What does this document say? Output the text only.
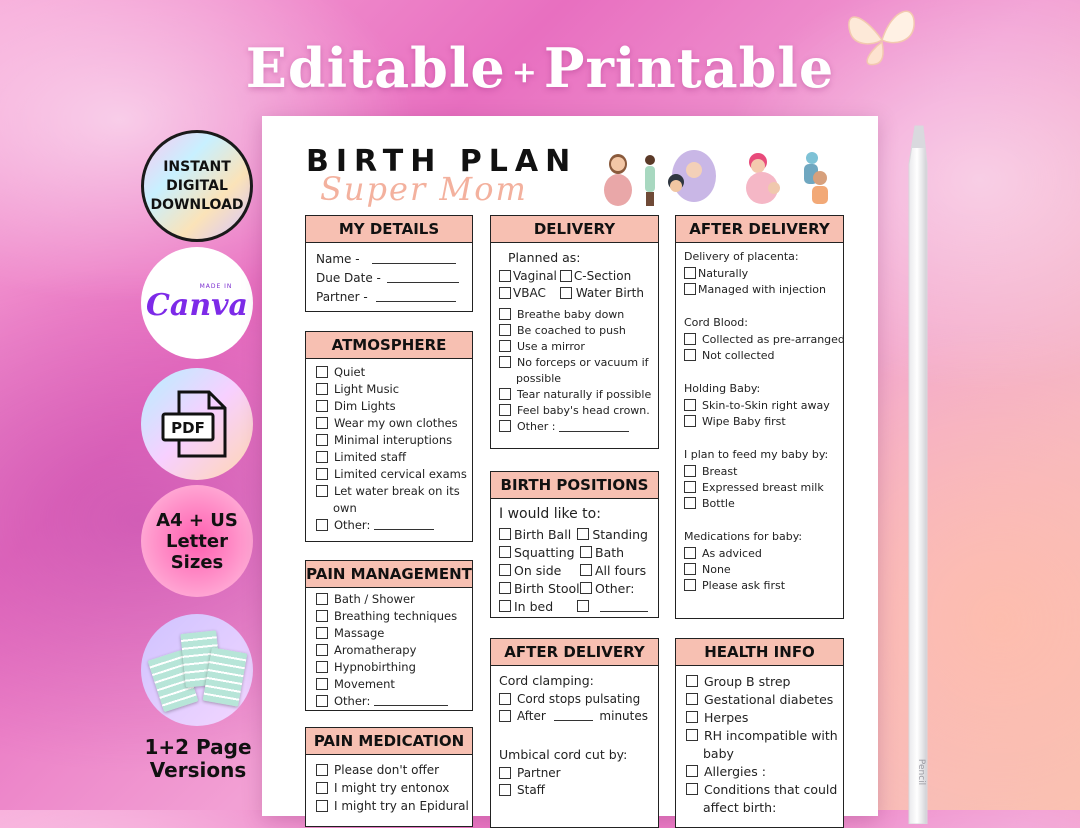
Editable + Printable
INSTANT
DIGITAL
DOWNLOAD
MADE IN
Canva
PDF
A4 + US
Letter
Sizes
1+2 Page
Versions	Pencil
BIRTH PLAN
Super Mom
MY DETAILS
Name -
Due Date -
Partner -
ATMOSPHERE
Quiet
Light Music
Dim Lights
Wear my own clothes
Minimal interuptions
Limited staff
Limited cervical exams
Let water break on its
own
Other:
PAIN MANAGEMENT
Bath / Shower
Breathing techniques
Massage
Aromatherapy
Hypnobirthing
Movement
Other:
PAIN MEDICATION
Please don't offer
I might try entonox
I might try an Epidural
DELIVERY
Planned as:
Vaginal C-Section
VBAC	Water Birth
Breathe baby down
Be coached to push
Use a mirror
No forceps or vacuum if
possible
Tear naturally if possible
Feel baby's head crown.
Other :
BIRTH POSITIONS
I would like to:
Birth Ball	Standing
Squatting	Bath
On side	All fours
Birth Stool Other:
In bed
AFTER DELIVERY
Cord clamping:
Cord stops pulsating
After	minutes
Umbical cord cut by:
Partner
Staff
AFTER DELIVERY
Delivery of placenta:
Naturally
Managed with injection
Cord Blood:
Collected as pre-arranged
Not collected
Holding Baby:
Skin-to-Skin right away
Wipe Baby first
I plan to feed my baby by:
Breast
Expressed breast milk
Bottle
Medications for baby:
As adviced
None
Please ask first
HEALTH INFO
Group B strep
Gestational diabetes
Herpes
RH incompatible with
baby
Allergies :
Conditions that could
affect birth:
